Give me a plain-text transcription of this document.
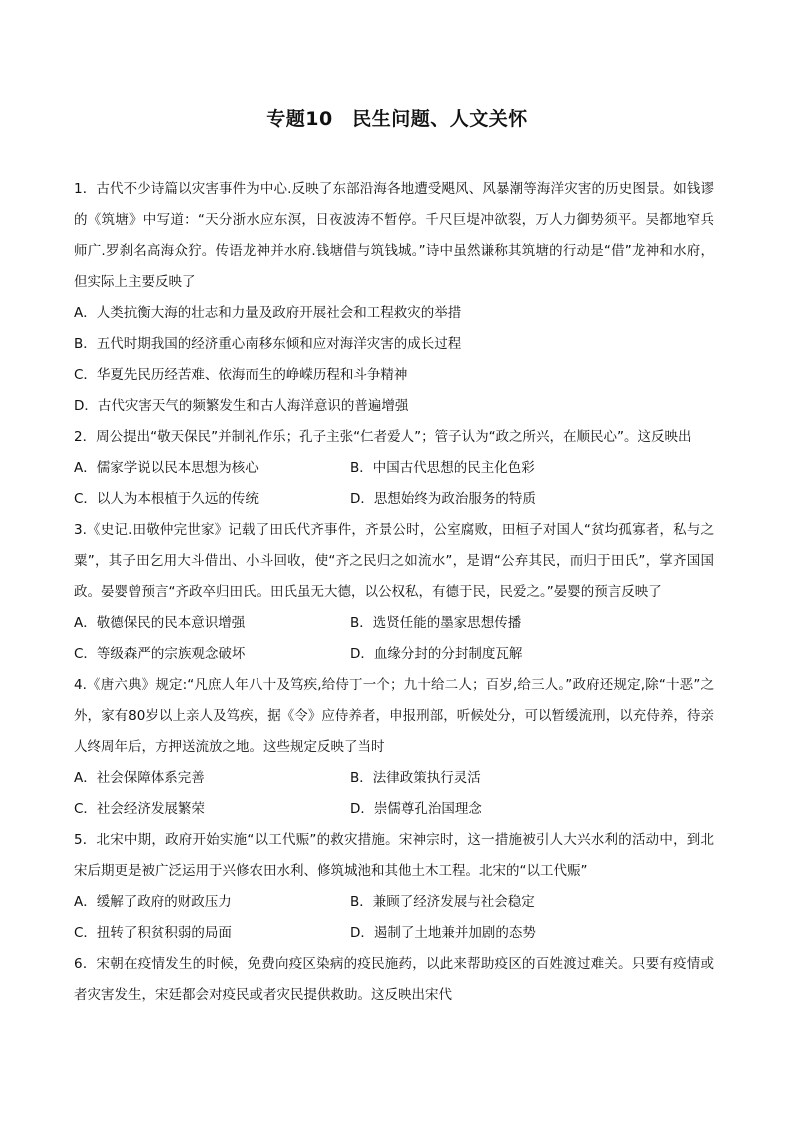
专题10　民生问题、人文关怀

1．古代不少诗篇以灾害事件为中心.反映了东部沿海各地遭受飓风、风暴潮等海洋灾害的历史图景。如钱谬的《筑塘》中写道：“天分浙水应东溟，日夜波涛不暂停。千尺巨堤冲欲裂，万人力御势须平。吴都地窄兵师广.罗刹名高海众狞。传语龙神并水府.钱塘借与筑钱城。”诗中虽然谦称其筑塘的行动是“借”龙神和水府，但实际上主要反映了

A．人类抗衡大海的壮志和力量及政府开展社会和工程救灾的举措

B．五代时期我国的经济重心南移东倾和应对海洋灾害的成长过程

C．华夏先民历经苦难、依海而生的峥嵘历程和斗争精神

D．古代灾害天气的频繁发生和古人海洋意识的普遍增强

2．周公提出“敬天保民”并制礼作乐；孔子主张“仁者爱人”；管子认为“政之所兴，在顺民心”。这反映出

A．儒家学说以民本思想为核心	B．中国古代思想的民主化色彩
C．以人为本根植于久远的传统	D．思想始终为政治服务的特质

3.《史记.田敬仲完世家》记载了田氏代齐事件，齐景公时，公室腐败，田桓子对国人“贫均孤寡者，私与之粟”，其子田乞用大斗借出、小斗回收，使“齐之民归之如流水”，是谓“公弃其民，而归于田氏”，掌齐国国政。晏婴曾预言“齐政卒归田氏。田氏虽无大德，以公权私，有德于民，民爱之。”晏婴的预言反映了

A．敬德保民的民本意识增强	B．选贤任能的墨家思想传播
C．等级森严的宗族观念破坏	D．血缘分封的分封制度瓦解

4.《唐六典》规定:“凡庶人年八十及笃疾,给侍丁一个；九十给二人；百岁,给三人。”政府还规定,除“十恶”之外，家有80岁以上亲人及笃疾，据《令》应侍养者，申报刑部，听候处分，可以暂缓流刑，以充侍养，待亲人终周年后，方押送流放之地。这些规定反映了当时

A．社会保障体系完善	B．法律政策执行灵活
C．社会经济发展繁荣	D．崇儒尊孔治国理念

5．北宋中期，政府开始实施“以工代赈”的救灾措施。宋神宗时，这一措施被引人大兴水利的活动中，到北宋后期更是被广泛运用于兴修农田水利、修筑城池和其他土木工程。北宋的“以工代赈”

A．缓解了政府的财政压力	B．兼顾了经济发展与社会稳定
C．扭转了积贫积弱的局面	D．遏制了土地兼并加剧的态势

6．宋朝在疫情发生的时候，免费向疫区染病的疫民施药，以此来帮助疫区的百姓渡过难关。只要有疫情或者灾害发生，宋廷都会对疫民或者灾民提供救助。这反映出宋代
